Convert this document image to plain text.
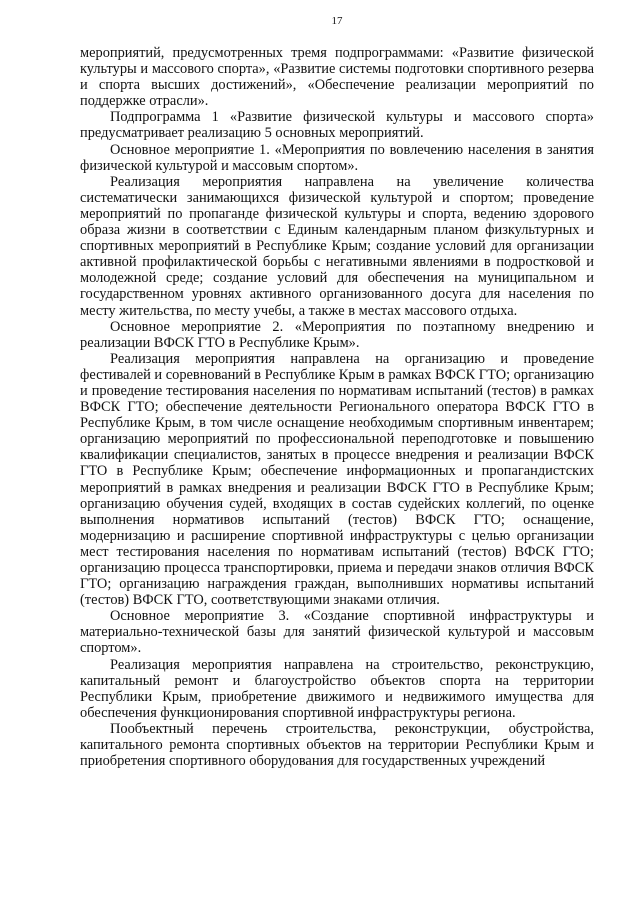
17

мероприятий, предусмотренных тремя подпрограммами: «Развитие физической культуры и массового спорта», «Развитие системы подготовки спортивного резерва и спорта высших достижений», «Обеспечение реализации мероприятий по поддержке отрасли».

Подпрограмма 1 «Развитие физической культуры и массового спорта» предусматривает реализацию 5 основных мероприятий.

Основное мероприятие 1. «Мероприятия по вовлечению населения в занятия физической культурой и массовым спортом».

Реализация мероприятия направлена на увеличение количества систематически занимающихся физической культурой и спортом; проведение мероприятий по пропаганде физической культуры и спорта, ведению здорового образа жизни в соответствии с Единым календарным планом физкультурных и спортивных мероприятий в Республике Крым; создание условий для организации активной профилактической борьбы с негативными явлениями в подростковой и молодежной среде; создание условий для обеспечения на муниципальном и государственном уровнях активного организованного досуга для населения по месту жительства, по месту учебы, а также в местах массового отдыха.

Основное мероприятие 2. «Мероприятия по поэтапному внедрению и реализации ВФСК ГТО в Республике Крым».

Реализация мероприятия направлена на организацию и проведение фестивалей и соревнований в Республике Крым в рамках ВФСК ГТО; организацию и проведение тестирования населения по нормативам испытаний (тестов) в рамках ВФСК ГТО; обеспечение деятельности Регионального оператора ВФСК ГТО в Республике Крым, в том числе оснащение необходимым спортивным инвентарем; организацию мероприятий по профессиональной переподготовке и повышению квалификации специалистов, занятых в процессе внедрения и реализации ВФСК ГТО в Республике Крым; обеспечение информационных и пропагандистских мероприятий в рамках внедрения и реализации ВФСК ГТО в Республике Крым; организацию обучения судей, входящих в состав судейских коллегий, по оценке выполнения нормативов испытаний (тестов) ВФСК ГТО; оснащение, модернизацию и расширение спортивной инфраструктуры с целью организации мест тестирования населения по нормативам испытаний (тестов) ВФСК ГТО; организацию процесса транспортировки, приема и передачи знаков отличия ВФСК ГТО; организацию награждения граждан, выполнивших нормативы испытаний (тестов) ВФСК ГТО, соответствующими знаками отличия.

Основное мероприятие 3. «Создание спортивной инфраструктуры и материально-технической базы для занятий физической культурой и массовым спортом».

Реализация мероприятия направлена на строительство, реконструкцию, капитальный ремонт и благоустройство объектов спорта на территории Республики Крым, приобретение движимого и недвижимого имущества для обеспечения функционирования спортивной инфраструктуры региона.

Пообъектный перечень строительства, реконструкции, обустройства, капитального ремонта спортивных объектов на территории Республики Крым и приобретения спортивного оборудования для государственных учреждений
